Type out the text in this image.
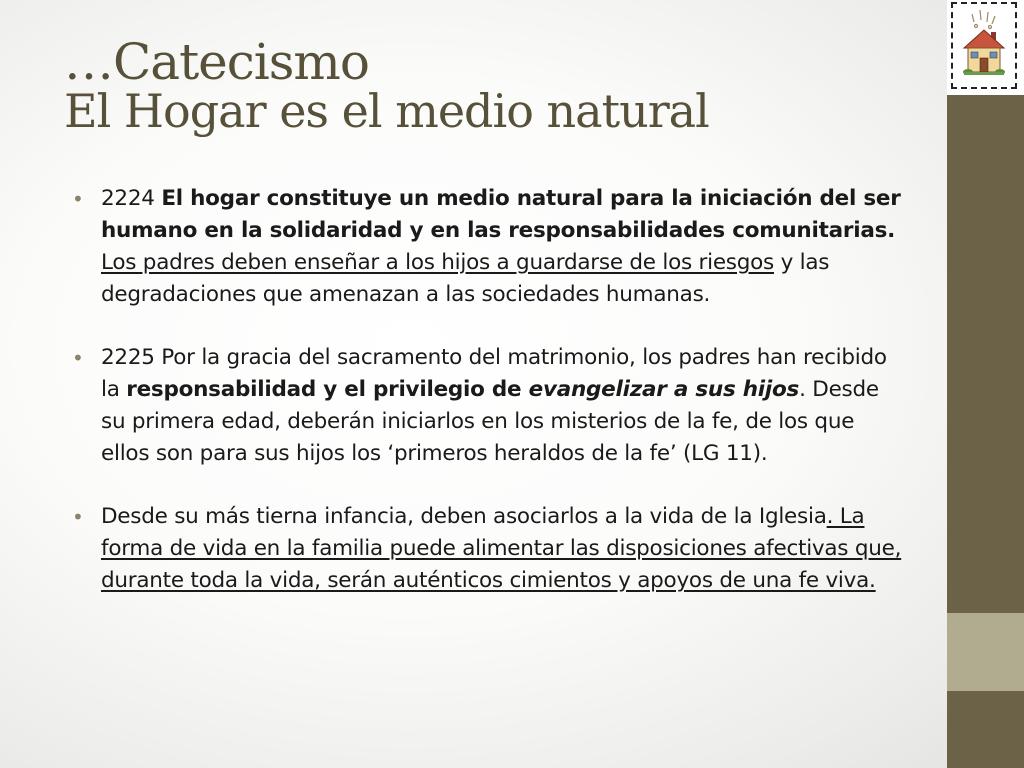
…Catecismo
El Hogar es el medio natural

• 2224 El hogar constituye un medio natural para la iniciación del ser humano en la solidaridad y en las responsabilidades comunitarias. Los padres deben enseñar a los hijos a guardarse de los riesgos y las degradaciones que amenazan a las sociedades humanas.

• 2225 Por la gracia del sacramento del matrimonio, los padres han recibido la responsabilidad y el privilegio de evangelizar a sus hijos. Desde su primera edad, deberán iniciarlos en los misterios de la fe, de los que ellos son para sus hijos los ‘primeros heraldos de la fe’ (LG 11).

• Desde su más tierna infancia, deben asociarlos a la vida de la Iglesia. La forma de vida en la familia puede alimentar las disposiciones afectivas que, durante toda la vida, serán auténticos cimientos y apoyos de una fe viva.
